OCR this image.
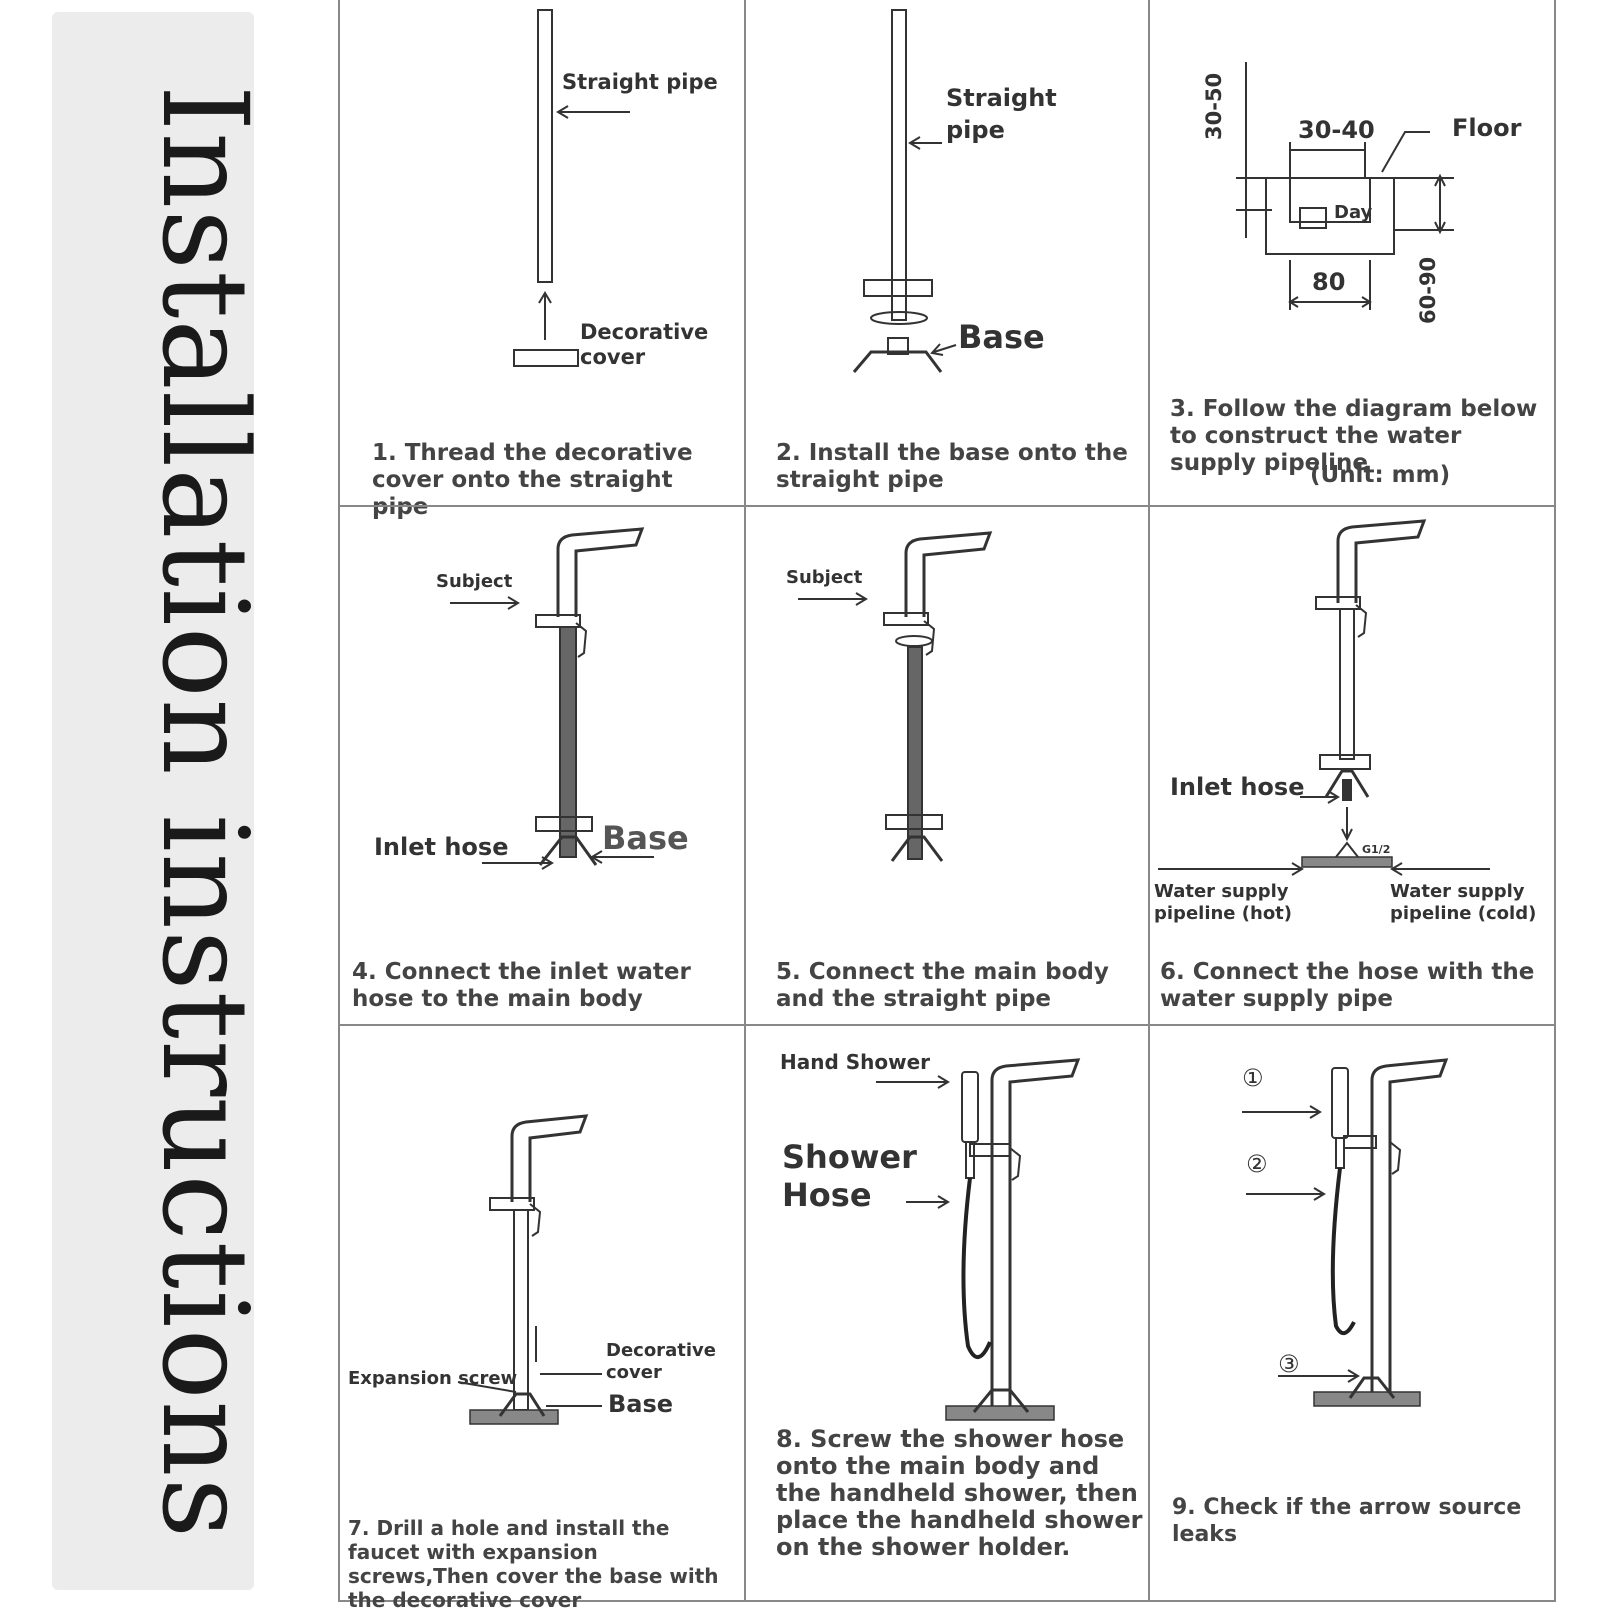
Installation instructions

Straight pipe

Decorative cover

1. Thread the decorative cover onto the straight pipe

Straight

pipe

Base

2. Install the base onto the straight pipe

30-50	30-40	Floor

Day

80	60-90

3. Follow the diagram below to construct the water supply pipeline

(Unit: mm)

Subject

Inlet hose	Base

4. Connect the inlet water hose to the main body

Subject

5. Connect the main body and the straight pipe

Inlet hose

G1/2

Water supply

pipeline (hot)

Water supply

pipeline (cold)

6. Connect the hose with the water supply pipe

Expansion screw

Decorative

cover

Base

7. Drill a hole and install the faucet with expansion screws,Then cover the base with the decorative cover

Hand Shower

Shower

Hose

8. Screw the shower hose onto the main body and the handheld shower, then place the handheld shower on the shower holder.

①

②

③

9. Check if the arrow source leaks
